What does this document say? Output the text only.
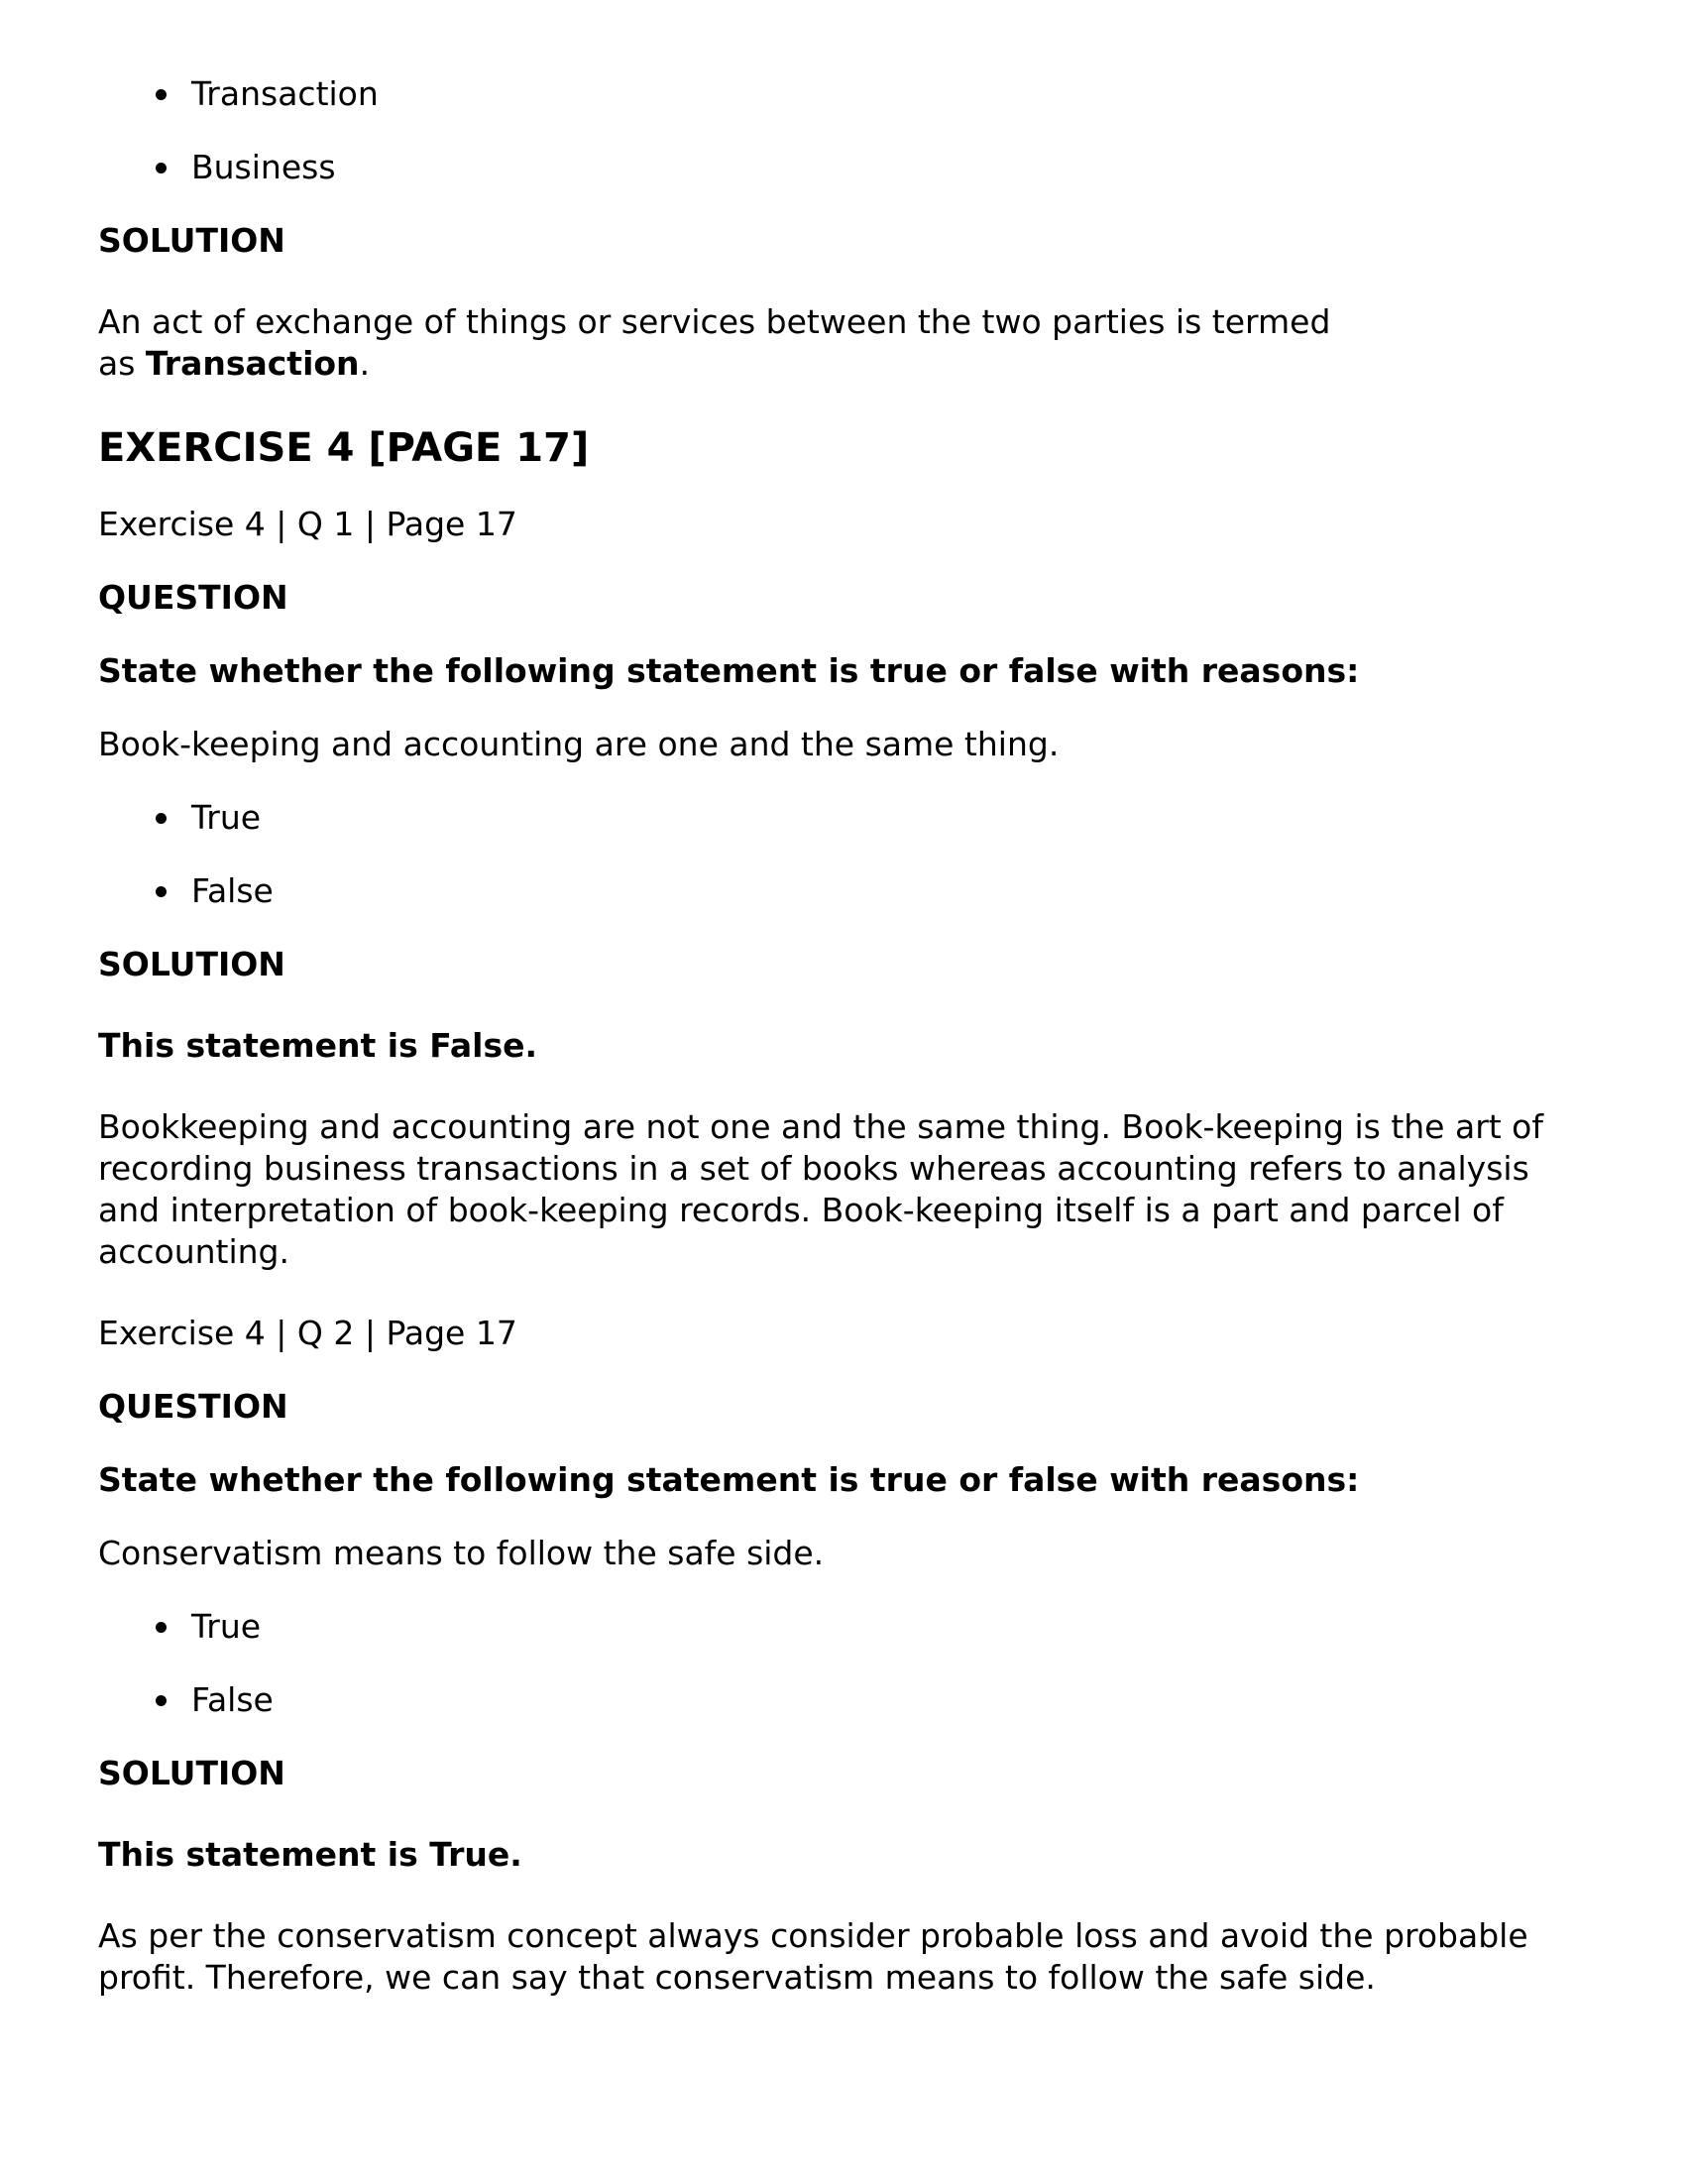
Transaction
Business
SOLUTION
An act of exchange of things or services between the two parties is termed as Transaction.
EXERCISE 4 [PAGE 17]
Exercise 4 | Q 1 | Page 17
QUESTION
State whether the following statement is true or false with reasons:
Book-keeping and accounting are one and the same thing.
True
False
SOLUTION
This statement is False.
Bookkeeping and accounting are not one and the same thing. Book-keeping is the art of recording business transactions in a set of books whereas accounting refers to analysis and interpretation of book-keeping records. Book-keeping itself is a part and parcel of accounting.
Exercise 4 | Q 2 | Page 17
QUESTION
State whether the following statement is true or false with reasons:
Conservatism means to follow the safe side.
True
False
SOLUTION
This statement is True.
As per the conservatism concept always consider probable loss and avoid the probable profit. Therefore, we can say that conservatism means to follow the safe side.
